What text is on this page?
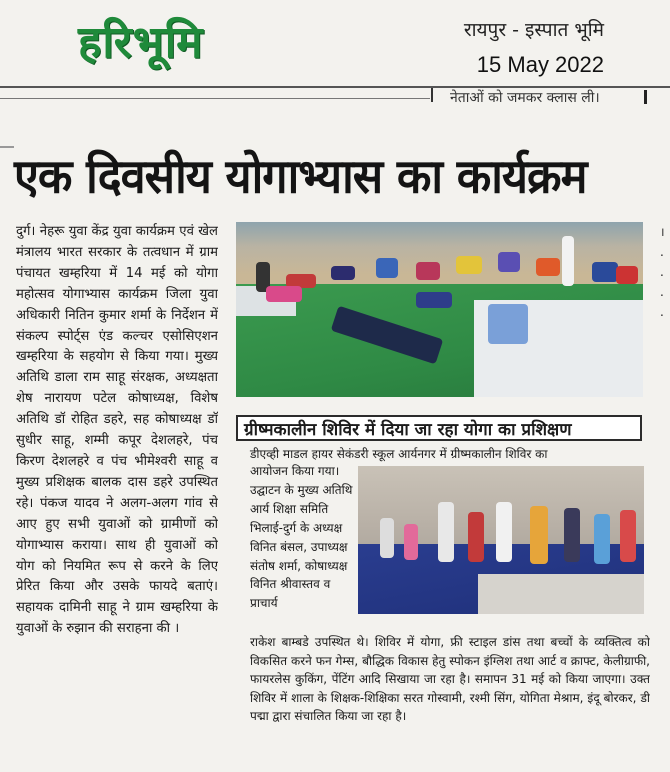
हरिभूमि	रायपुर - इस्पात भूमि
15 May 2022
नेताओं को जमकर क्लास ली।
एक दिवसीय योगाभ्यास का कार्यक्रम
दुर्ग। नेहरू युवा केंद्र युवा कार्यक्रम एवं खेल मंत्रालय भारत सरकार के तत्वधान में ग्राम पंचायत खम्हरिया में 14 मई को योगा महोत्सव योगाभ्यास कार्यक्रम जिला युवा अधिकारी नितिन कुमार शर्मा के निर्देशन में संकल्प स्पोर्ट्स एंड कल्चर एसोसिएशन खम्हरिया के सहयोग से किया गया। मुख्य अतिथि डाला राम साहू संरक्षक, अध्यक्षता शेष नारायण पटेल कोषाध्यक्ष, विशेष अतिथि डॉ रोहित डहरे, सह कोषाध्यक्ष डॉ सुधीर साहू, शम्मी कपूर देशलहरे, पंच किरण देशलहरे व पंच भीमेश्वरी साहू व मुख्य प्रशिक्षक बालक दास डहरे उपस्थित रहे। पंकज यादव ने अलग-अलग गांव से आए हुए सभी युवाओं को ग्रामीणों को योगाभ्यास कराया। साथ ही युवाओं को योग को नियमित रूप से करने के लिए प्रेरित किया और उसके फायदे बताएं। सहायक दामिनी साहू ने ग्राम खम्हरिया के युवाओं के रुझान की सराहना की ।
ग्रीष्मकालीन शिविर में दिया जा रहा योगा का प्रशिक्षण
डीएव्ही माडल हायर सेकंडरी स्कूल आर्यनगर में ग्रीष्मकालीन शिविर का
आयोजन किया गया। उद्घाटन के मुख्य अतिथि आर्य शिक्षा समिति भिलाई-दुर्ग के अध्यक्ष विनित बंसल, उपाध्यक्ष संतोष शर्मा, कोषाध्यक्ष विनित श्रीवास्तव व प्राचार्य
राकेश बाम्बडे उपस्थित थे। शिविर में योगा, फ्री स्टाइल डांस तथा बच्चों के व्यक्तित्व को विकसित करने फन गेम्स, बौद्धिक विकास हेतु स्पोकन इंग्लिश तथा आर्ट व क्राफ्ट, केलीग्राफी, फायरलेस कुकिंग, पेंटिंग आदि सिखाया जा रहा है। समापन 31 मई को किया जाएगा। उक्त शिविर में शाला के शिक्षक-शिक्षिका सरत गोस्वामी, रश्मी सिंग, योगिता मेश्राम, इंदू बोरकर, डी पद्मा द्वारा संचालित किया जा रहा है।
।
.
.
.
.
